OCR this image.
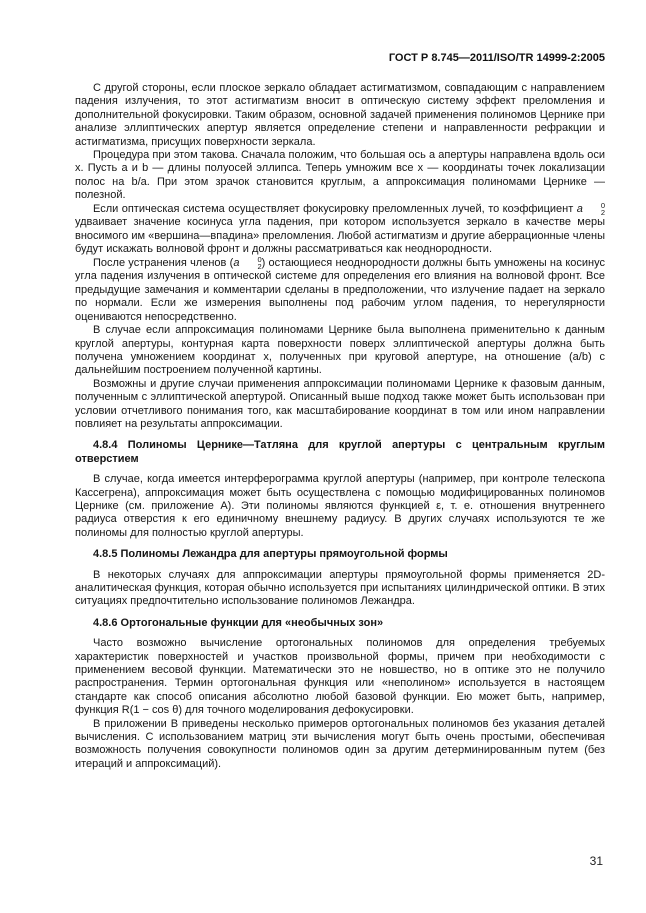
ГОСТ Р 8.745—2011/ISO/TR 14999-2:2005

С другой стороны, если плоское зеркало обладает астигматизмом, совпадающим с направлением падения излучения, то этот астигматизм вносит в оптическую систему эффект преломления и дополнительной фокусировки. Таким образом, основной задачей применения полиномов Цернике при анализе эллиптических апертур является определение степени и направленности рефракции и астигматизма, присущих поверхности зеркала.

Процедура при этом такова. Сначала положим, что большая ось a апертуры направлена вдоль оси x. Пусть a и b — длины полуосей эллипса. Теперь умножим все x — координаты точек локализации полос на b/a. При этом зрачок становится круглым, а аппроксимация полиномами Цернике — полезной.

Если оптическая система осуществляет фокусировку преломленных лучей, то коэффициент a	0
2
удваивает значение косинуса угла падения, при котором используется зеркало в качестве меры вносимого им «вершина—впадина» преломления. Любой астигматизм и другие аберрационные члены будут искажать волновой фронт и должны рассматриваться как неоднородности.

После устранения членов (a	0
2 ) остающиеся неоднородности должны быть умножены на косинус угла падения излучения в оптической системе для определения его влияния на волновой фронт. Все предыдущие замечания и комментарии сделаны в предположении, что излучение падает на зеркало по нормали. Если же измерения выполнены под рабочим углом падения, то нерегулярности оцениваются непосредственно.

В случае если аппроксимация полиномами Цернике была выполнена применительно к данным круглой апертуры, контурная карта поверхности поверх эллиптической апертуры должна быть получена умножением координат x, полученных при круговой апертуре, на отношение (a/b) с дальнейшим построением полученной картины.

Возможны и другие случаи применения аппроксимации полиномами Цернике к фазовым данным, полученным с эллиптической апертурой. Описанный выше подход также может быть использован при условии отчетливого понимания того, как масштабирование координат в том или ином направлении повлияет на результаты аппроксимации.

4.8.4 Полиномы Цернике—Татляна для круглой апертуры с центральным круглым отверстием

В случае, когда имеется интерферограмма круглой апертуры (например, при контроле телескопа Кассегрена), аппроксимация может быть осуществлена с помощью модифицированных полиномов Цернике (см. приложение А). Эти полиномы являются функцией ε, т. е. отношения внутреннего радиуса отверстия к его единичному внешнему радиусу. В других случаях используются те же полиномы для полностью круглой апертуры.

4.8.5 Полиномы Лежандра для апертуры прямоугольной формы

В некоторых случаях для аппроксимации апертуры прямоугольной формы применяется 2D-аналитическая функция, которая обычно используется при испытаниях цилиндрической оптики. В этих ситуациях предпочтительно использование полиномов Лежандра.

4.8.6 Ортогональные функции для «необычных зон»

Часто возможно вычисление ортогональных полиномов для определения требуемых характеристик поверхностей и участков произвольной формы, причем при необходимости с применением весовой функции. Математически это не новшество, но в оптике это не получило распространения. Термин ортогональная функция или «неполином» используется в настоящем стандарте как способ описания абсолютно любой базовой функции. Ею может быть, например, функция R(1 − cos θ) для точного моделирования дефокусировки.

В приложении В приведены несколько примеров ортогональных полиномов без указания деталей вычисления. С использованием матриц эти вычисления могут быть очень простыми, обеспечивая возможность получения совокупности полиномов один за другим детерминированным путем (без итераций и аппроксимаций).

31
